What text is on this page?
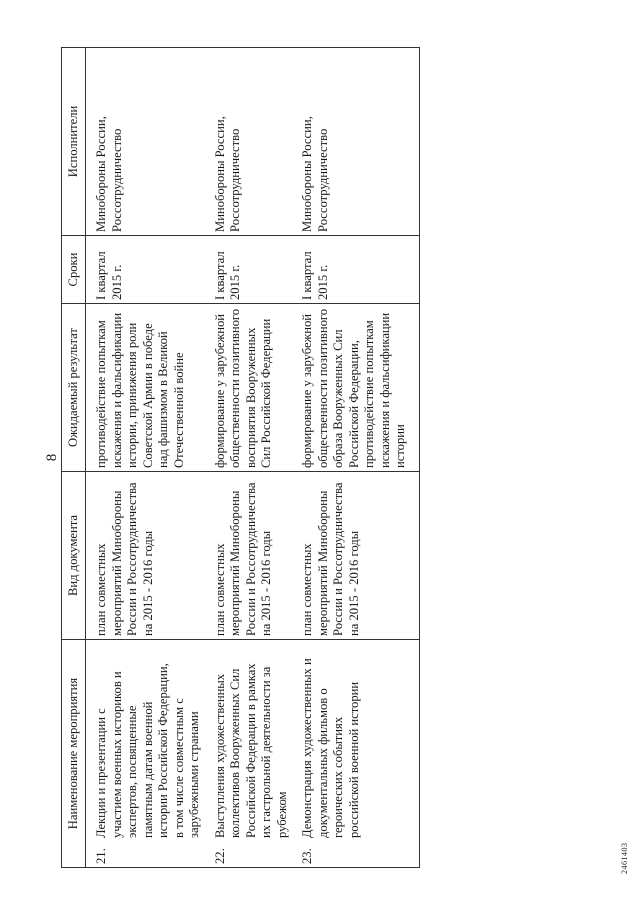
8
Наименование мероприятия	Вид документа	Ожидаемый результат	Сроки	Исполнители
21.Лекции и презентации с участием военных историков и экспертов, посвященные памятным датам военной истории Российской Федерации, в том числе совместным с зарубежными странами	план совместных мероприятий Минобороны России и Россотрудничества на 2015 - 2016 годы	противодействие попыткам искажения и фальсификации истории, принижения роли Советской Армии в победе над фашизмом в Великой Отечественной войне	I квартал 2015 г.	Минобороны России, Россотрудничество
22.Выступления художественных коллективов Вооруженных Сил Российской Федерации в рамках их гастрольной деятельности за рубежом	план совместных мероприятий Минобороны России и Россотрудничества на 2015 - 2016 годы	формирование у зарубежной общественности позитивного восприятия Вооруженных Сил Российской Федерации	I квартал 2015 г.	Минобороны России, Россотрудничество
23.Демонстрация художественных и документальных фильмов о героических событиях российской военной истории	план совместных мероприятий Минобороны России и Россотрудничества на 2015 - 2016 годы	формирование у зарубежной общественности позитивного образа Вооруженных Сил Российской Федерации, противодействие попыткам искажения и фальсификации истории	I квартал 2015 г.	Минобороны России, Россотрудничество
2461403
